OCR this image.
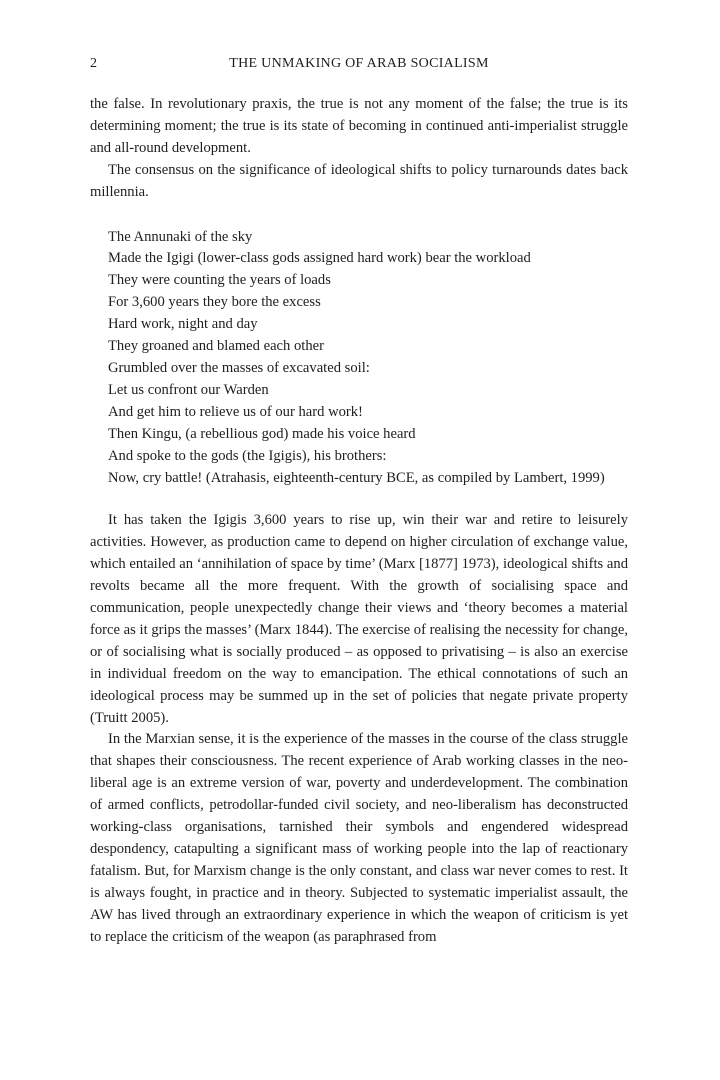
2	THE UNMAKING OF ARAB SOCIALISM

the false. In revolutionary praxis, the true is not any moment of the false; the true is its determining moment; the true is its state of becoming in continued anti-imperialist struggle and all-round development.

The consensus on the significance of ideological shifts to policy turnarounds dates back millennia.

The Annunaki of the sky
Made the Igigi (lower-class gods assigned hard work) bear the workload
They were counting the years of loads
For 3,600 years they bore the excess
Hard work, night and day
They groaned and blamed each other
Grumbled over the masses of excavated soil:
Let us confront our Warden
And get him to relieve us of our hard work!
Then Kingu, (a rebellious god) made his voice heard
And spoke to the gods (the Igigis), his brothers:
Now, cry battle! (Atrahasis, eighteenth-century BCE, as compiled by Lambert, 1999)

It has taken the Igigis 3,600 years to rise up, win their war and retire to leisurely activities. However, as production came to depend on higher circulation of exchange value, which entailed an ‘annihilation of space by time’ (Marx [1877] 1973), ideological shifts and revolts became all the more frequent. With the growth of socialising space and communication, people unexpectedly change their views and ‘theory becomes a material force as it grips the masses’ (Marx 1844). The exercise of realising the necessity for change, or of socialising what is socially produced – as opposed to privatising – is also an exercise in individual freedom on the way to emancipation. The ethical connotations of such an ideological process may be summed up in the set of policies that negate private property (Truitt 2005).

In the Marxian sense, it is the experience of the masses in the course of the class struggle that shapes their consciousness. The recent experience of Arab working classes in the neo-liberal age is an extreme version of war, poverty and underdevelopment. The combination of armed conflicts, petrodollar-funded civil society, and neo-liberalism has deconstructed working-class organisations, tarnished their symbols and engendered widespread despondency, catapulting a significant mass of working people into the lap of reactionary fatalism. But, for Marxism change is the only constant, and class war never comes to rest. It is always fought, in practice and in theory. Subjected to systematic imperialist assault, the AW has lived through an extraordinary experience in which the weapon of criticism is yet to replace the criticism of the weapon (as paraphrased from
